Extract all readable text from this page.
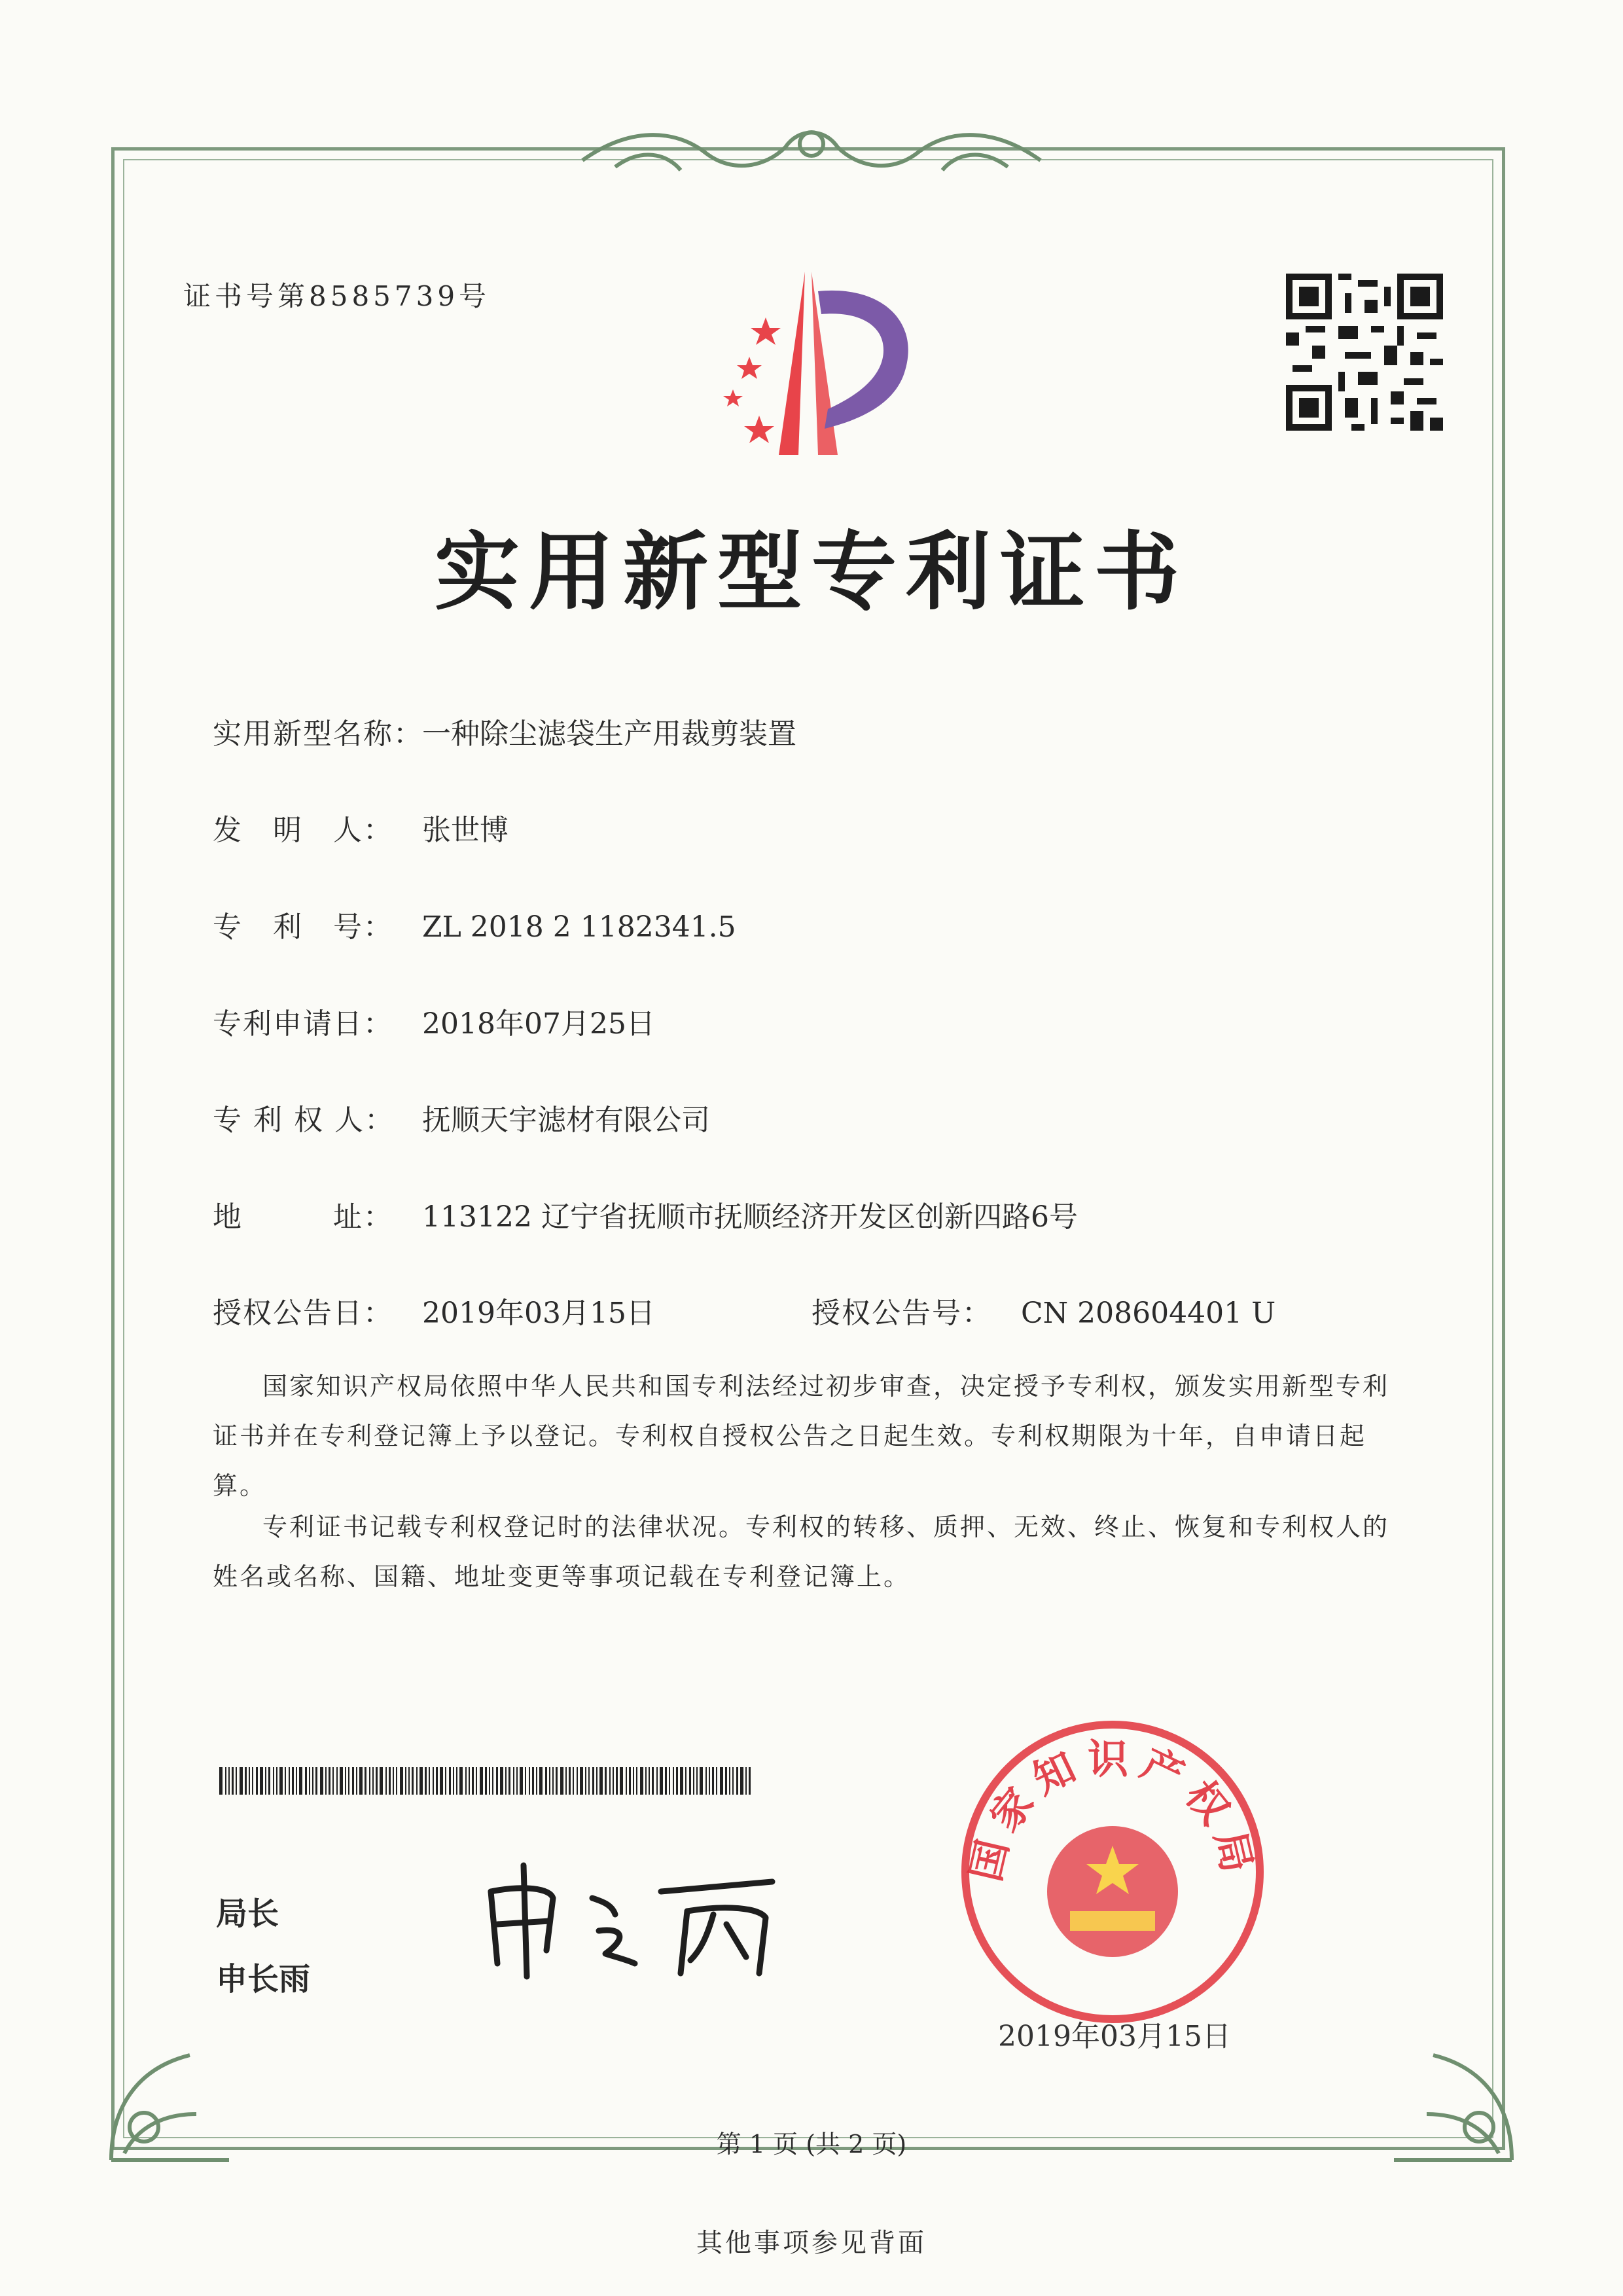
证书号第8585739号
实用新型专利证书
实用新型名称：一种除尘滤袋生产用裁剪装置
发　明　人： 张世博
专　利　号： ZL 2018 2 1182341.5
专利申请日： 2018年07月25日
专 利 权 人： 抚顺天宇滤材有限公司
地　　　址： 113122 辽宁省抚顺市抚顺经济开发区创新四路6号
授权公告日： 2019年03月15日	授权公告号： CN 208604401 U
国家知识产权局依照中华人民共和国专利法经过初步审查，决定授予专利权，颁发实用新型专利证书并在专利登记簿上予以登记。专利权自授权公告之日起生效。专利权期限为十年，自申请日起算。
专利证书记载专利权登记时的法律状况。专利权的转移、质押、无效、终止、恢复和专利权人的姓名或名称、国籍、地址变更等事项记载在专利登记簿上。
局长
申长雨
国家知识产权局
2019年03月15日
第 1 页 (共 2 页)
其他事项参见背面
